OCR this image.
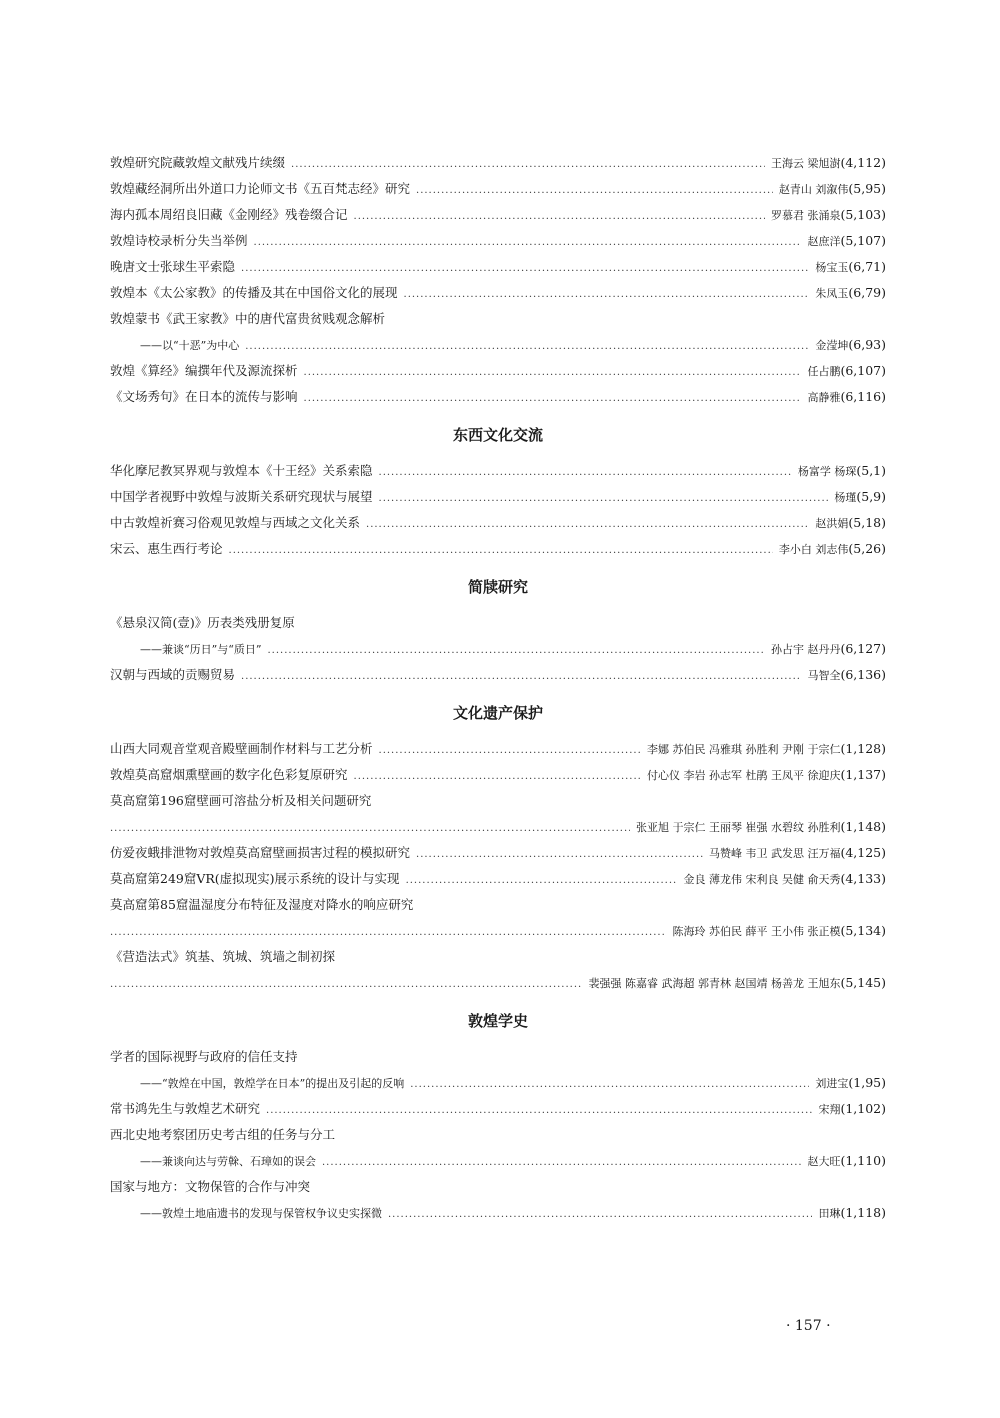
敦煌研究院藏敦煌文献残片续缀 .....	王海云 梁旭澍 (4,112)
敦煌藏经洞所出外道口力论师文书《五百梵志经》研究 .....	赵青山 刘溆伟 (5,95)
海内孤本周绍良旧藏《金刚经》残卷缀合记 .....	罗慕君 张涌泉 (5,103)
敦煌诗校录析分失当举例 .....	赵庶洋 (5,107)
晚唐文士张球生平索隐 .....	杨宝玉 (6,71)
敦煌本《太公家教》的传播及其在中国俗文化的展现 .....	朱凤玉 (6,79)
敦煌蒙书《武王家教》中的唐代富贵贫贱观念解析
——以“十恶”为中心 .....	金滢坤 (6,93)
敦煌《算经》编撰年代及源流探析 .....	任占鹏 (6,107)
《文场秀句》在日本的流传与影响 .....	高静雅 (6,116)
东西文化交流
华化摩尼教冥界观与敦煌本《十王经》关系索隐 .....	杨富学 杨琛 (5,1)
中国学者视野中敦煌与波斯关系研究现状与展望 .....	杨瑾 (5,9)
中古敦煌祈赛习俗观见敦煌与西域之文化关系 .....	赵洪娟 (5,18)
宋云、惠生西行考论 .....	李小白 刘志伟 (5,26)
简牍研究
《悬泉汉简(壹)》历表类残册复原
——兼谈“历日”与“质日” .....	孙占宇 赵丹丹 (6,127)
汉朝与西域的贡赐贸易 .....	马智全 (6,136)
文化遗产保护
山西大同观音堂观音殿壁画制作材料与工艺分析 .....	李娜 苏伯民 冯雅琪 孙胜利 尹刚 于宗仁 (1,128)
敦煌莫高窟烟熏壁画的数字化色彩复原研究 .....	付心仪 李岩 孙志军 杜鹃 王凤平 徐迎庆 (1,137)
莫高窟第196窟壁画可溶盐分析及相关问题研究
.....
张亚旭 于宗仁 王丽琴 崔强 水碧纹 孙胜利 (1,148)
仿爱夜蛾排泄物对敦煌莫高窟壁画损害过程的模拟研究 .....	马赞峰 韦卫 武发思 汪万福 (4,125)
莫高窟第249窟VR(虚拟现实)展示系统的设计与实现 .....	金良 薄龙伟 宋利良 吴健 俞天秀 (4,133)
莫高窟第85窟温湿度分布特征及湿度对降水的响应研究
.....
陈海玲 苏伯民 薛平 王小伟 张正模 (5,134)
《营造法式》筑基、筑城、筑墙之制初探
.....
裴强强 陈嘉睿 武海超 郭青林 赵国靖 杨善龙 王旭东 (5,145)
敦煌学史
学者的国际视野与政府的信任支持
——“敦煌在中国，敦煌学在日本”的提出及引起的反响 .....	刘进宝 (1,95)
常书鸿先生与敦煌艺术研究 .....	宋翔 (1,102)
西北史地考察团历史考古组的任务与分工
——兼谈向达与劳榦、石璋如的误会 .....	赵大旺 (1,110)
国家与地方：文物保管的合作与冲突
——敦煌土地庙遗书的发现与保管权争议史实探微 .....	田琳 (1,118)
· 157 ·
